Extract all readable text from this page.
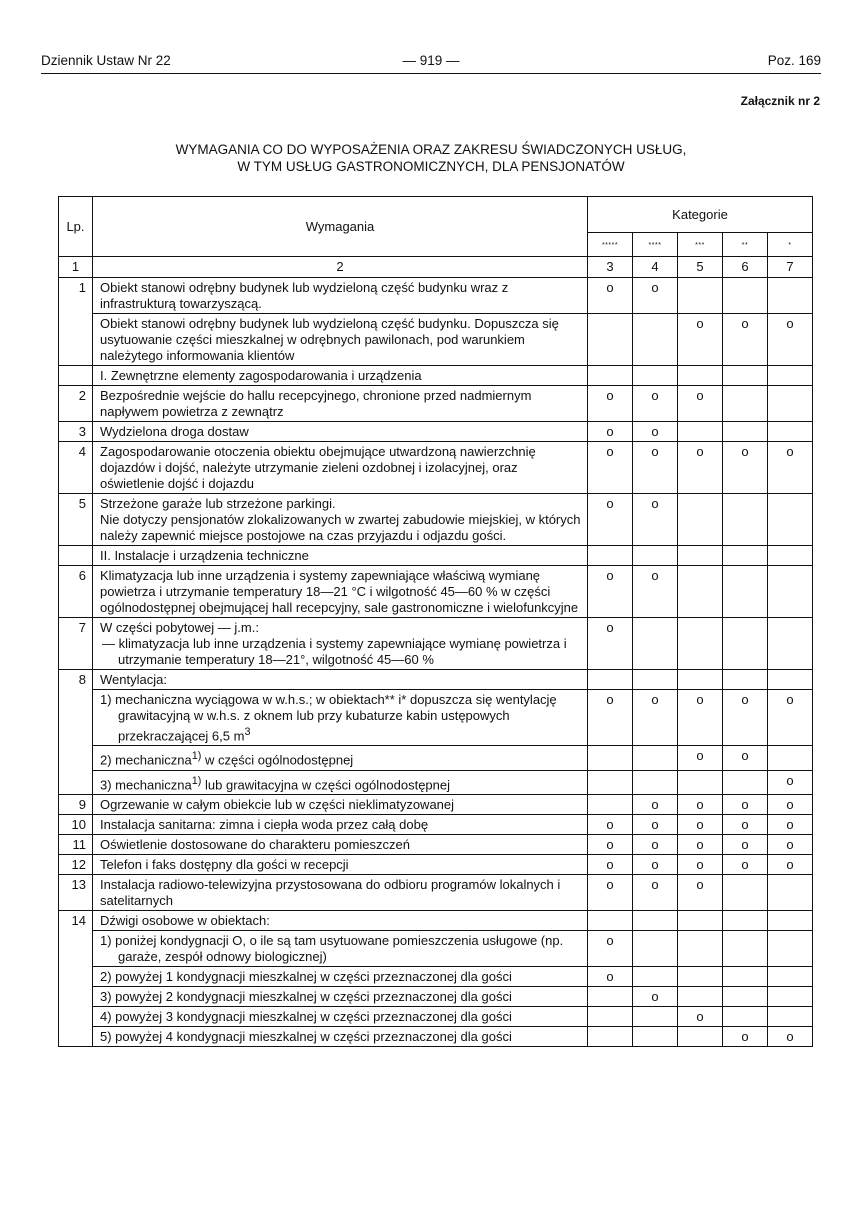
Dziennik Ustaw Nr 22	— 919 —	Poz. 169
Załącznik nr 2
WYMAGANIA CO DO WYPOSAŻENIA ORAZ ZAKRESU ŚWIADCZONYCH USŁUG,
W TYM USŁUG GASTRONOMICZNYCH, DLA PENSJONATÓW
Lp.	Wymagania	Kategorie				
		*****	****	***	**	*
1	2	3	4	5	6	7
1	Obiekt stanowi odrębny budynek lub wydzieloną część budynku wraz z infrastrukturą towarzyszącą.	o	o			
	Obiekt stanowi odrębny budynek lub wydzieloną część budynku. Dopuszcza się usytuowanie części mieszkalnej w odrębnych pawilonach, pod warunkiem należytego informowania klientów			o	o	o
	I. Zewnętrzne elementy zagospodarowania i urządzenia					
2	Bezpośrednie wejście do hallu recepcyjnego, chronione przed nadmiernym napływem powietrza z zewnątrz	o	o	o		
3	Wydzielona droga dostaw	o	o			
4	Zagospodarowanie otoczenia obiektu obejmujące utwardzoną nawierzchnię dojazdów i dojść, należyte utrzymanie zieleni ozdobnej i izolacyjnej, oraz oświetlenie dojść i dojazdu	o	o	o	o	o
5	Strzeżone garaże lub strzeżone parkingi.
Nie dotyczy pensjonatów zlokalizowanych w zwartej zabudowie miejskiej, w których należy zapewnić miejsce postojowe na czas przyjazdu i odjazdu gości.	o	o			
	II. Instalacje i urządzenia techniczne					
6	Klimatyzacja lub inne urządzenia i systemy zapewniające właściwą wymianę powietrza i utrzymanie temperatury 18—21 °C i wilgotność 45—60 % w części ogólnodostępnej obejmującej hall recepcyjny, sale gastronomiczne i wielofunkcyjne	o	o			
7	W części pobytowej — j.m.:
— klimatyzacja lub inne urządzenia i systemy zapewniające wymianę powietrza i utrzymanie temperatury 18—21°, wilgotność 45—60 %	o				
8	Wentylacja:					
	1) mechaniczna wyciągowa w w.h.s.; w obiektach** i* dopuszcza się wentylację grawitacyjną w w.h.s. z oknem lub przy kubaturze kabin ustępowych przekraczającej 6,5 $m^3$	o	o	o	o	o
	2) mechaniczna$^{1)}$ w części ogólnodostępnej			o	o	
	3) mechaniczna$^{1)}$ lub grawitacyjna w części ogólnodostępnej					o
9	Ogrzewanie w całym obiekcie lub w części nieklimatyzowanej		o	o	o	o
10	Instalacja sanitarna: zimna i ciepła woda przez całą dobę	o	o	o	o	o
11	Oświetlenie dostosowane do charakteru pomieszczeń	o	o	o	o	o
12	Telefon i faks dostępny dla gości w recepcji	o	o	o	o	o
13	Instalacja radiowo-telewizyjna przystosowana do odbioru programów lokalnych i satelitarnych	o	o	o		
14	Dźwigi osobowe w obiektach:					
	1) poniżej kondygnacji O, o ile są tam usytuowane pomieszczenia usługowe (np. garaże, zespół odnowy biologicznej)	o				
	2) powyżej 1 kondygnacji mieszkalnej w części przeznaczonej dla gości	o				
	3) powyżej 2 kondygnacji mieszkalnej w części przeznaczonej dla gości		o			
	4) powyżej 3 kondygnacji mieszkalnej w części przeznaczonej dla gości			o		
	5) powyżej 4 kondygnacji mieszkalnej w części przeznaczonej dla gości				o	o
